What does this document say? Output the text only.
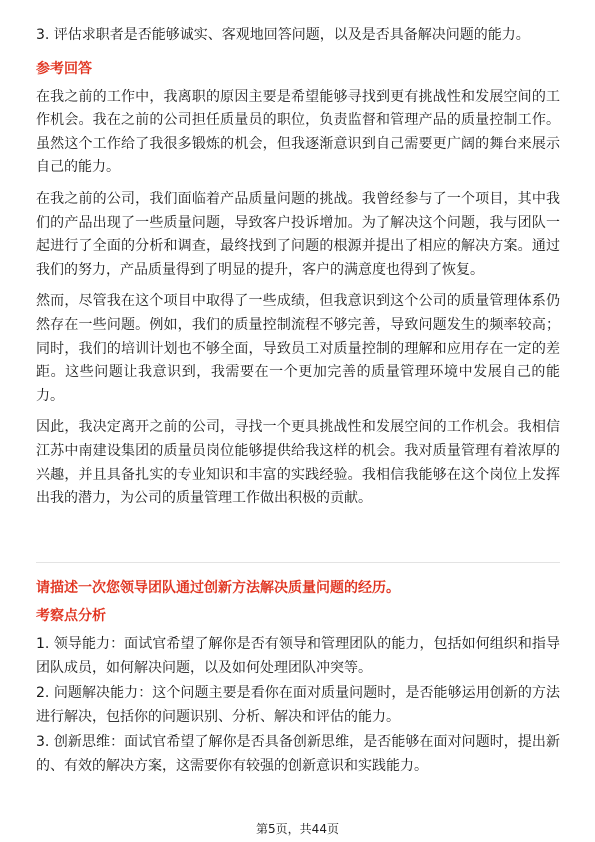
3. 评估求职者是否能够诚实、客观地回答问题，以及是否具备解决问题的能力。

参考回答

在我之前的工作中，我离职的原因主要是希望能够寻找到更有挑战性和发展空间的工作机会。我在之前的公司担任质量员的职位，负责监督和管理产品的质量控制工作。虽然这个工作给了我很多锻炼的机会，但我逐渐意识到自己需要更广阔的舞台来展示自己的能力。

在我之前的公司，我们面临着产品质量问题的挑战。我曾经参与了一个项目，其中我们的产品出现了一些质量问题，导致客户投诉增加。为了解决这个问题，我与团队一起进行了全面的分析和调查，最终找到了问题的根源并提出了相应的解决方案。通过我们的努力，产品质量得到了明显的提升，客户的满意度也得到了恢复。

然而，尽管我在这个项目中取得了一些成绩，但我意识到这个公司的质量管理体系仍然存在一些问题。例如，我们的质量控制流程不够完善，导致问题发生的频率较高；同时，我们的培训计划也不够全面，导致员工对质量控制的理解和应用存在一定的差距。这些问题让我意识到，我需要在一个更加完善的质量管理环境中发展自己的能力。

因此，我决定离开之前的公司，寻找一个更具挑战性和发展空间的工作机会。我相信江苏中南建设集团的质量员岗位能够提供给我这样的机会。我对质量管理有着浓厚的兴趣，并且具备扎实的专业知识和丰富的实践经验。我相信我能够在这个岗位上发挥出我的潜力，为公司的质量管理工作做出积极的贡献。

请描述一次您领导团队通过创新方法解决质量问题的经历。

考察点分析

1. 领导能力：面试官希望了解你是否有领导和管理团队的能力，包括如何组织和指导团队成员，如何解决问题，以及如何处理团队冲突等。

2. 问题解决能力：这个问题主要是看你在面对质量问题时，是否能够运用创新的方法进行解决，包括你的问题识别、分析、解决和评估的能力。

3. 创新思维：面试官希望了解你是否具备创新思维，是否能够在面对问题时，提出新的、有效的解决方案，这需要你有较强的创新意识和实践能力。

第5页，共44页
